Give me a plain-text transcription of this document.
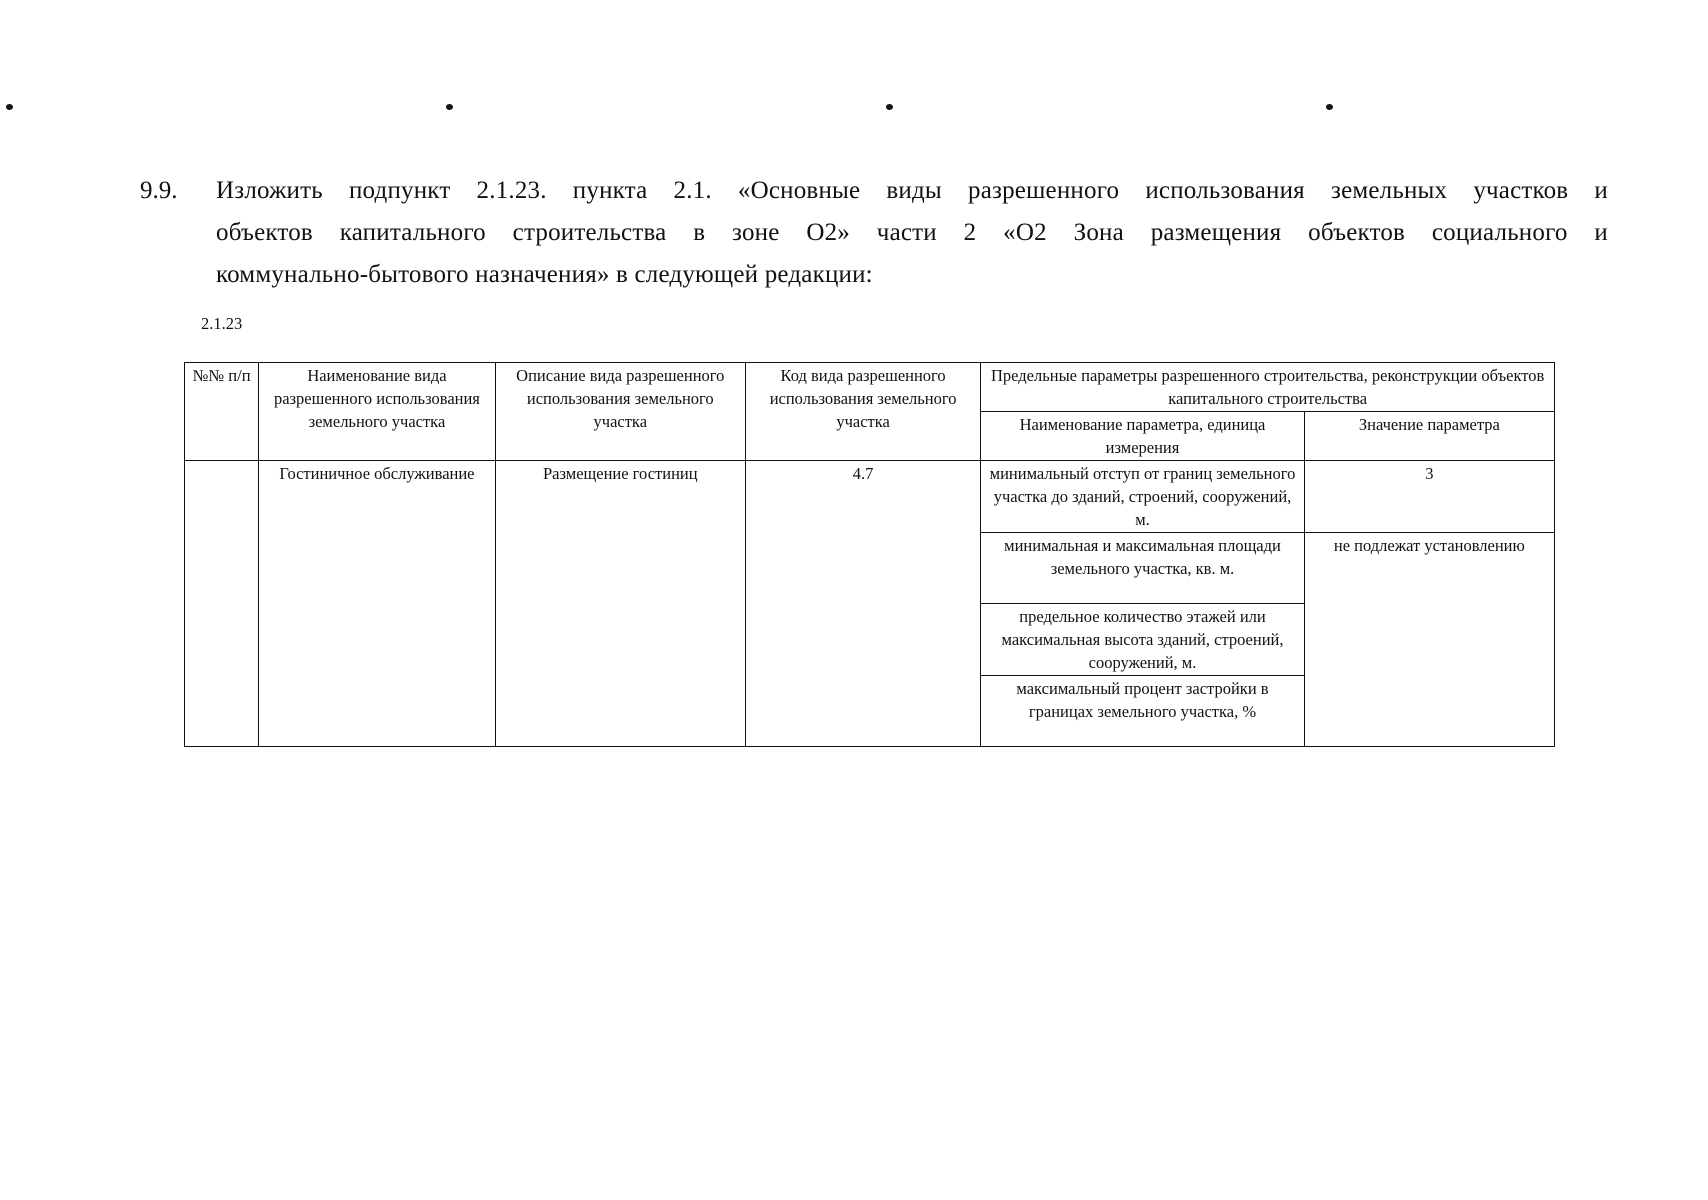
9.9. Изложить подпункт 2.1.23. пункта 2.1. «Основные виды разрешенного использования земельных участков и
объектов капитального строительства в зоне О2» части 2 «О2 Зона размещения объектов социального и
коммунально-бытового назначения» в следующей редакции:
№№ п/п	Наименование вида разрешенного использования земельного участка	Описание вида разрешенного использования земельного участка	Код вида разрешенного использования земельного участка	Предельные параметры разрешенного строительства, реконструкции объектов капитального строительства	
				Наименование параметра, единица измерения	Значение параметра

2.1.23	Гостиничное обслуживание	Размещение гостиниц	4.7	минимальный отступ от границ земельного участка до зданий, строений, сооружений, м.	3
				минимальная и максимальная площади земельного участка, кв. м.	не подлежат установлению
				предельное количество этажей или максимальная высота зданий, строений, сооружений, м.	
				максимальный процент застройки в границах земельного участка, %	
